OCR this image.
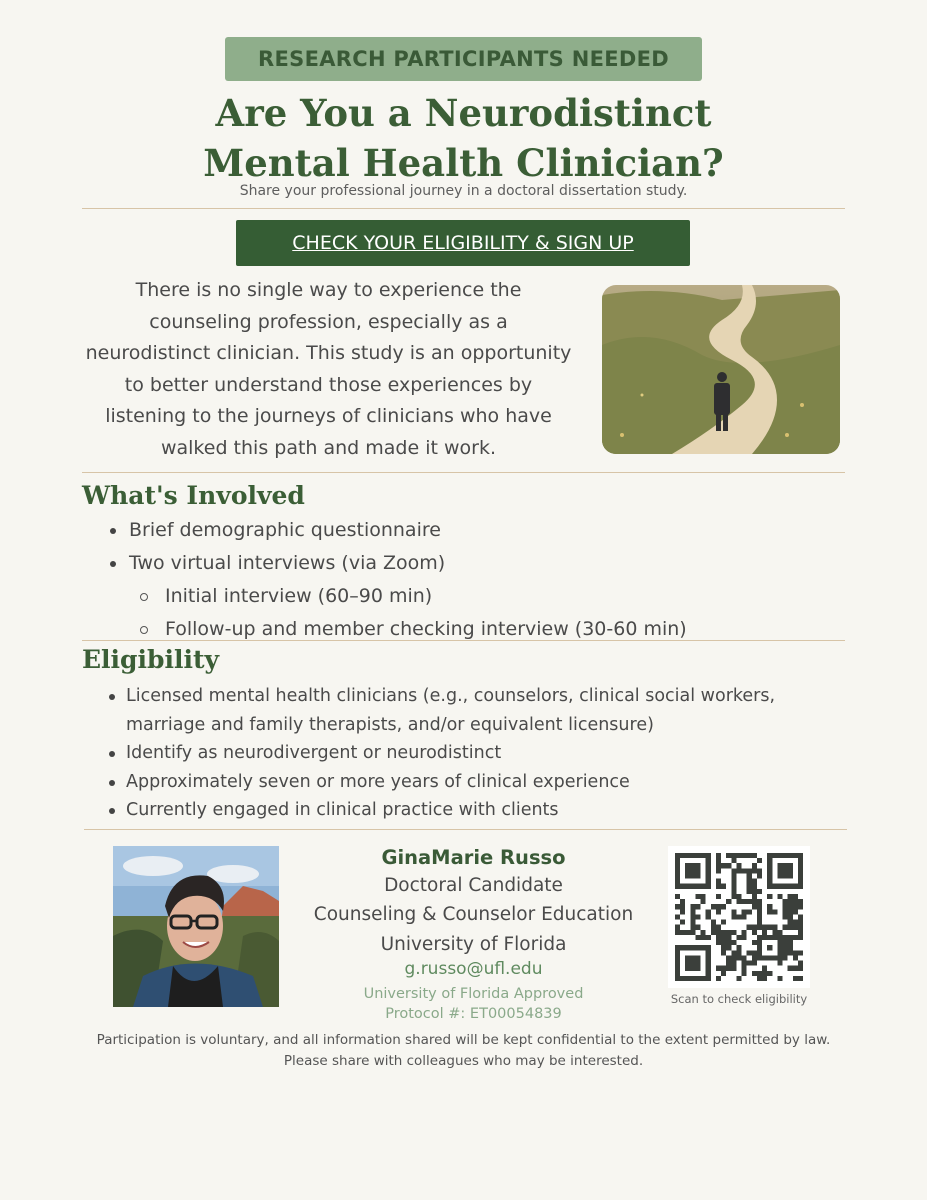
RESEARCH PARTICIPANTS NEEDED
Are You a Neurodistinct
Mental Health Clinician?
Share your professional journey in a doctoral dissertation study.
CHECK YOUR ELIGIBILITY & SIGN UP
There is no single way to experience the
counseling profession, especially as a
neurodistinct clinician. This study is an opportunity
to better understand those experiences by
listening to the journeys of clinicians who have
walked this path and made it work.
What's Involved
Brief demographic questionnaire
Two virtual interviews (via Zoom)
Initial interview (60–90 min)
Follow-up and member checking interview (30-60 min)
Eligibility
Licensed mental health clinicians (e.g., counselors, clinical social workers,
marriage and family therapists, and/or equivalent licensure)
Identify as neurodivergent or neurodistinct
Approximately seven or more years of clinical experience
Currently engaged in clinical practice with clients
GinaMarie Russo
Doctoral Candidate
Counseling & Counselor Education
University of Florida
g.russo@ufl.edu
University of Florida Approved
Protocol #: ET00054839
Scan to check eligibility
Participation is voluntary, and all information shared will be kept confidential to the extent permitted by law.
Please share with colleagues who may be interested.
